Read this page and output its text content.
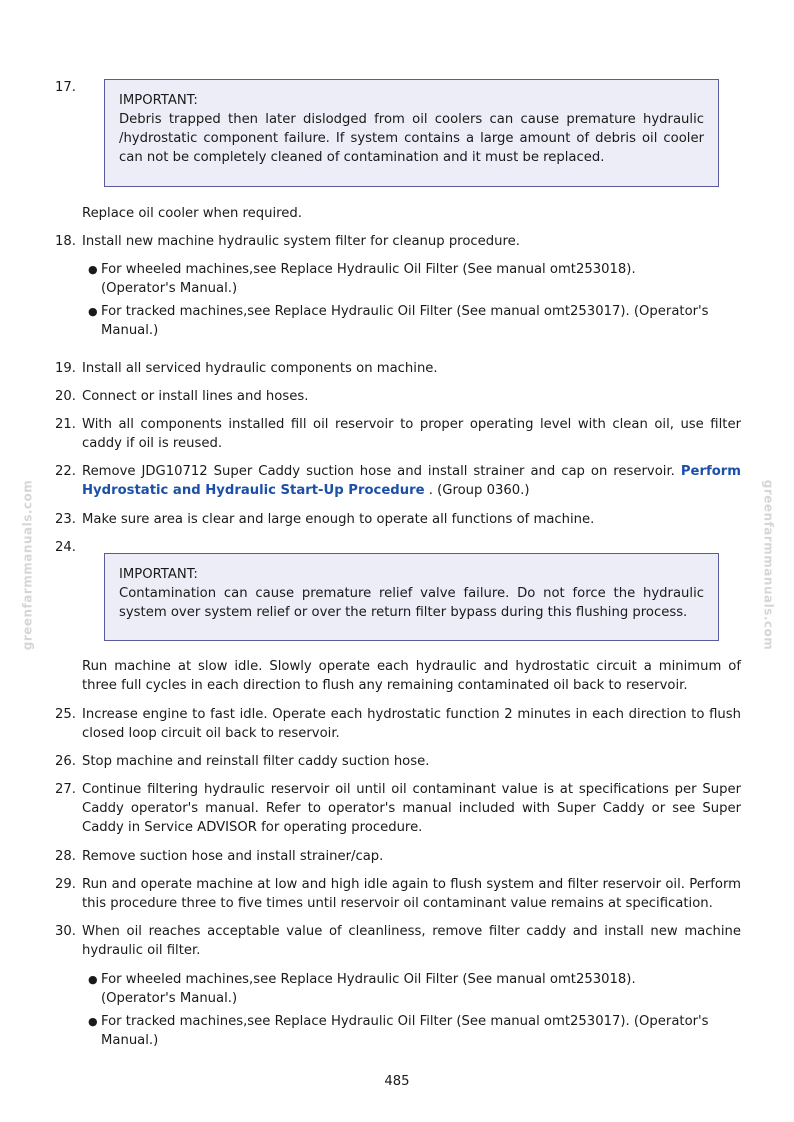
greenfarmmanuals.com	greenfarmmanuals.com
17.
IMPORTANT:
Debris trapped then later dislodged from oil coolers can cause premature hydraulic /hydrostatic component failure. If system contains a large amount of debris oil cooler can not be completely cleaned of contamination and it must be replaced.
Replace oil cooler when required.
18. Install new machine hydraulic system filter for cleanup procedure.
● For wheeled machines,see Replace Hydraulic Oil Filter (See manual omt253018). (Operator's Manual.)
● For tracked machines,see Replace Hydraulic Oil Filter (See manual omt253017). (Operator's Manual.)
19. Install all serviced hydraulic components on machine.
20. Connect or install lines and hoses.
21. With all components installed fill oil reservoir to proper operating level with clean oil, use filter caddy if oil is reused.
22. Remove JDG10712 Super Caddy suction hose and install strainer and cap on reservoir. Perform Hydrostatic and Hydraulic Start-Up Procedure . (Group 0360.)
23. Make sure area is clear and large enough to operate all functions of machine.
24.
IMPORTANT:
Contamination can cause premature relief valve failure. Do not force the hydraulic system over system relief or over the return filter bypass during this flushing process.
Run machine at slow idle. Slowly operate each hydraulic and hydrostatic circuit a minimum of three full cycles in each direction to flush any remaining contaminated oil back to reservoir.
25. Increase engine to fast idle. Operate each hydrostatic function 2 minutes in each direction to flush closed loop circuit oil back to reservoir.
26. Stop machine and reinstall filter caddy suction hose.
27. Continue filtering hydraulic reservoir oil until oil contaminant value is at specifications per Super Caddy operator's manual. Refer to operator's manual included with Super Caddy or see Super Caddy in Service ADVISOR for operating procedure.
28. Remove suction hose and install strainer/cap.
29. Run and operate machine at low and high idle again to flush system and filter reservoir oil. Perform this procedure three to five times until reservoir oil contaminant value remains at specification.
30. When oil reaches acceptable value of cleanliness, remove filter caddy and install new machine hydraulic oil filter.
● For wheeled machines,see Replace Hydraulic Oil Filter (See manual omt253018). (Operator's Manual.)
● For tracked machines,see Replace Hydraulic Oil Filter (See manual omt253017). (Operator's Manual.)
485
